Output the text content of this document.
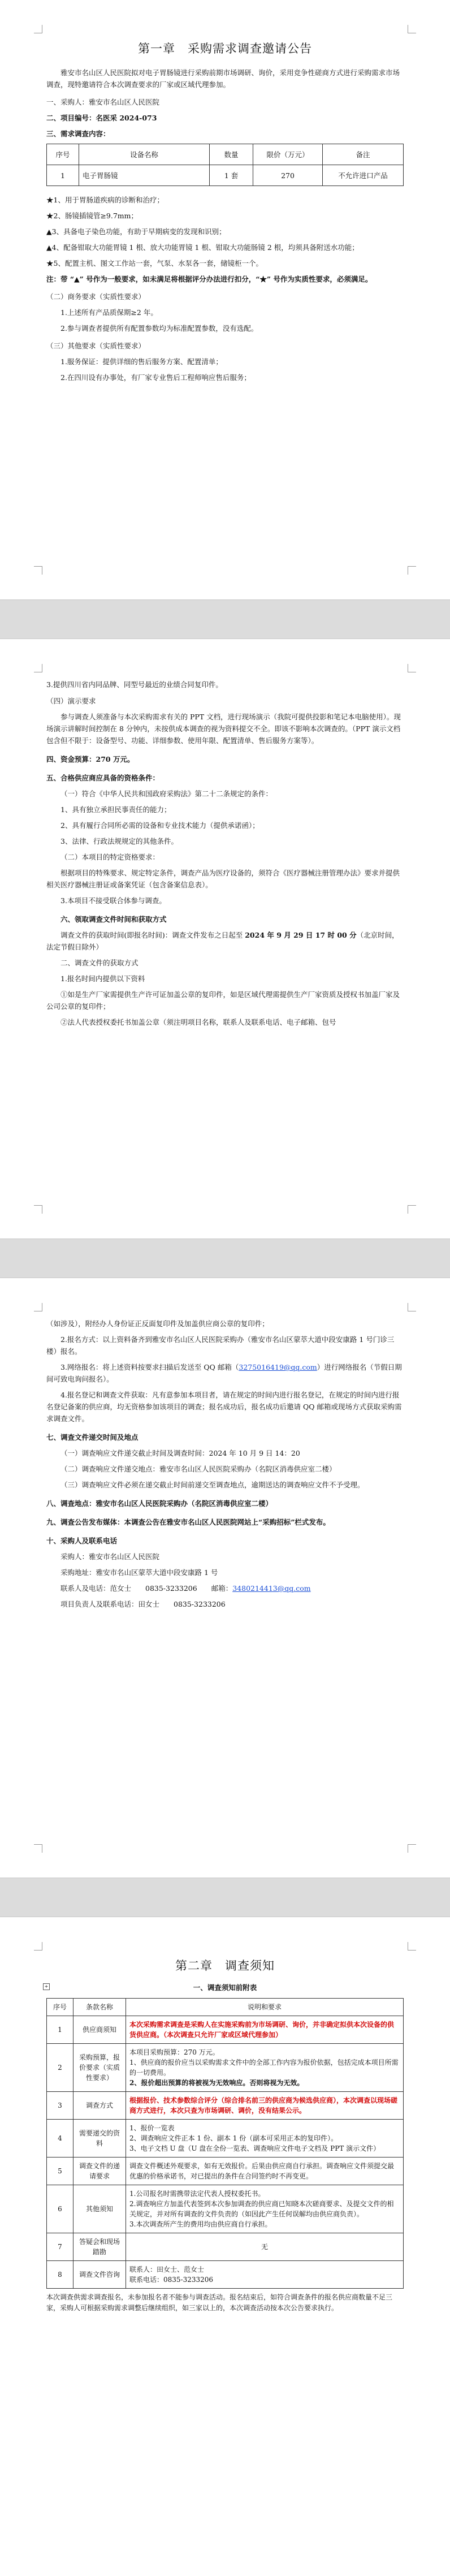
第一章　采购需求调查邀请公告

雅安市名山区人民医院拟对电子胃肠镜进行采购前期市场调研、询价，采用竞争性磋商方式进行采购需求市场调查，现特邀请符合本次调查要求的厂家或区域代理参加。

一、采购人：雅安市名山区人民医院

二、项目编号：名医采 2024-073

三、需求调查内容：

序号	设备名称	数量	限价（万元）	备注
1	电子胃肠镜	1 套	270	不允许进口产品

★1、用于胃肠道疾病的诊断和治疗；

★2、肠镜插镜管≥9.7mm；

▲3、具备电子染色功能，有助于早期病变的发现和识别；

▲4、配备钳取大功能胃镜 1 根、放大功能胃镜 1 根、钳取大功能肠镜 2 根，均须具备附送水功能；

★5、配置主机、图文工作站一套，气泵、水泵各一套，储镜柜一个。

注：带 “▲” 号作为一般要求，如未满足将根据评分办法进行扣分，“★” 号作为实质性要求，必须满足。

（二）商务要求（实质性要求）

1.上述所有产品质保期≥2 年。

2.参与调查者提供所有配置参数均为标准配置参数，没有选配。

（三）其他要求（实质性要求）

1.服务保证：提供详细的售后服务方案、配置清单；

2.在四川设有办事处，有厂家专业售后工程师响应售后服务；

3.提供四川省内同品牌、同型号最近的业绩合同复印件。

（四）演示要求

参与调查人须准备与本次采购需求有关的 PPT 文档，进行现场演示（我院可提供投影和笔记本电脑使用）。现场演示讲解时间控制在 8 分钟内，未按供成本调查的视为资料提交不全。即该不影响本次调查的。（PPT 演示文档包含但不限于：设备型号、功能、详细参数、使用年限、配置清单、售后服务方案等）。

四、资金预算：270 万元。

五、合格供应商应具备的资格条件：

（一）符合《中华人民共和国政府采购法》第二十二条规定的条件：

1、具有独立承担民事责任的能力；

2、具有履行合同所必需的设备和专业技术能力（提供承诺函）；

3、法律、行政法规规定的其他条件。

（二）本项目的特定资格要求：

根据项目的特殊要求、规定特定条件，调查产品为医疗设备的，须符合《医疗器械注册管理办法》要求并提供相关医疗器械注册证或备案凭证（包含备案信息表）。

3.本项目不接受联合体参与调查。

六、领取调查文件时间和获取方式

调查文件的获取时间(即报名时间)：调查文件发布之日起至 2024 年 9 月 29 日 17 时 00 分（北京时间，法定节假日除外）

二、调查文件的获取方式

1.报名时间内提供以下资料

①如是生产厂家需提供生产许可证加盖公章的复印件，如是区域代理需提供生产厂家资质及授权书加盖厂家及公司公章的复印件；

②法人代表授权委托书加盖公章（须注明项目名称，联系人及联系电话、电子邮箱、包号

（如涉及），附经办人身份证正反面复印件及加盖供应商公章的复印件；

2.报名方式：以上资料备齐到雅安市名山区人民医院采购办（雅安市名山区蒙萃大道中段安康路 1 号门诊三楼）报名。

3.网络报名：将上述资料按要求扫描后发送至 QQ 邮箱（3275016419@qq.com）进行网络报名（节假日期间可致电询问报名）。

4.报名登记和调查文件获取：凡有意参加本项目者，请在规定的时间内进行报名登记，在规定的时间内进行报名登记备案的供应商，均无资格参加该项目的调查；报名成功后，报名成功后邀请 QQ 邮箱或现场方式获取采购需求调查文件。

七、调查文件递交时间及地点

（一）调查响应文件递交截止时间及调查时间：2024 年 10 月 9 日 14：20

（二）调查响应文件递交地点：雅安市名山区人民医院采购办（名院区消毒供应室二楼）

（三）调查响应文件必须在递交截止时间前递交至调查地点，逾期送达的调查响应文件不予受理。

八、调查地点：雅安市名山区人民医院采购办（名院区消毒供应室二楼）

九、调查公告发布媒体：本调查公告在雅安市名山区人民医院网站上“采购招标”栏式发布。

十、采购人及联系电话

采购人：雅安市名山区人民医院

采购地址：雅安市名山区蒙萃大道中段安康路 1 号

联系人及电话：范女士　　0835-3233206　　邮箱：3480214413@qq.com

项目负责人及联系电话：田女士　　0835-3233206

+
第二章　调查须知

一、调查须知前附表

序号	条款名称	说明和要求
1	供应商须知	本次采购需求调查是采购人在实施采购前为市场调研、询价，并非确定拟供本次设备的供货供应商。（本次调查只允许厂家或区域代理参加）
2	采购预算，报价要求（实质性要求）	本项目采购预算：270 万元。
1、供应商的报价应当以采购需求文件中的全部工作内容为报价依据，包括完成本项目所需的一切费用。
2、报价超出预算的将被视为无效响应。否则将视为无效。

3	调查方式	根据报价、技术参数综合评分（综合排名前三的供应商为候选供应商），本次调查以现场磋商方式进行，本次只查为市场调研、调价，没有结果公示。
4	需要递交的资料	1、报价一览表
2、调查响应文件正本 1 份、副本 1 份（副本可采用正本的复印件）。
3、电子文档 U 盘（U 盘在全份一览表、调查响应文件电子文档及 PPT 演示文件）

5	调查文件的递请要求	调查文件概述外观要求，如有无效报价。后果由供应商自行承担。调查响应文件须提交最优惠的价格承诺书，对已提出的条件在合同签约时不再变更。
6	其他须知	1.公司报名时需携带法定代表人授权委托书。
2.调查响应方加盖代表签到本次参加调查的供应商已知晓本次磋商要求、及提交文件的相关规定，并对所有调查的文件负责的（如因此产生任何误解均由供应商负责）。
3.本次调查所产生的费用均由供应商自行承担。

7	答疑会和现场踏勘	无
8	调查文件咨询	联系人：田女士、范女士
联系电话：0835-3233206

本次调查供需求调查报名，未参加报名者不能参与调查活动。报名结束后，如符合调查条件的报名供应商数量不足三家，采购人可根据采购需求调整后继续组织，如三家以上的，本次调查活动按本次公告要求执行。
